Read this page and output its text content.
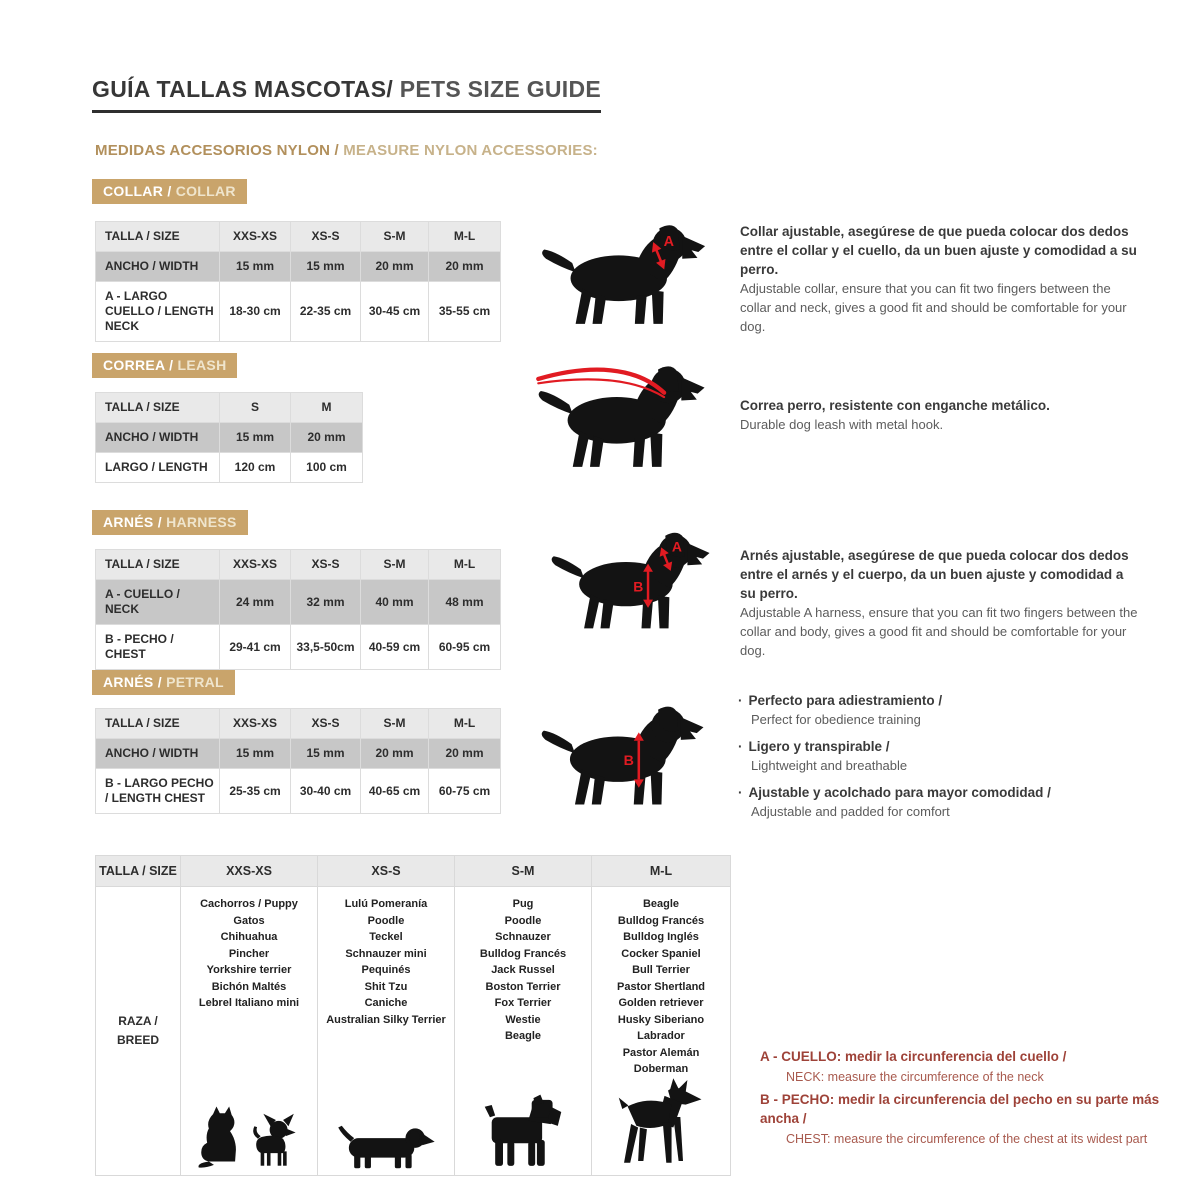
GUÍA TALLAS MASCOTAS/ PETS SIZE GUIDE
MEDIDAS ACCESORIOS NYLON / MEASURE NYLON ACCESSORIES:
COLLAR / COLLAR
TALLA / SIZE	XXS-XS	XS-S	S-M	M-L
ANCHO / WIDTH	15 mm	15 mm	20 mm	20 mm
A - LARGO CUELLO / LENGTH NECK	18-30 cm	22-35 cm	30-45 cm	35-55 cm
A
Collar ajustable, asegúrese de que pueda colocar dos dedos entre el collar y el cuello, da un buen ajuste y comodidad a su perro.
Adjustable collar, ensure that you can fit two fingers between the collar and neck, gives a good fit and should be comfortable for your dog.
CORREA / LEASH
TALLA / SIZE	S	M
ANCHO / WIDTH	15 mm	20 mm
LARGO / LENGTH	120 cm	100 cm
Correa perro, resistente con enganche metálico.
Durable dog leash with metal hook.
ARNÉS / HARNESS
TALLA / SIZE	XXS-XS	XS-S	S-M	M-L
A - CUELLO / NECK	24 mm	32 mm	40 mm	48 mm
B - PECHO / CHEST	29-41 cm	33,5-50cm	40-59 cm	60-95 cm
A
B
Arnés ajustable, asegúrese de que pueda colocar dos dedos entre el arnés y el cuerpo, da un buen ajuste y comodidad a su perro.
Adjustable A harness, ensure that you can fit two fingers between the collar and body, gives a good fit and should be comfortable for your dog.
ARNÉS / PETRAL
TALLA / SIZE	XXS-XS	XS-S	S-M	M-L
ANCHO / WIDTH	15 mm	15 mm	20 mm	20 mm
B - LARGO PECHO / LENGTH CHEST	25-35 cm	30-40 cm	40-65 cm	60-75 cm
B
· Perfecto para adiestramiento /
Perfect for obedience training
· Ligero y transpirable /
Lightweight and breathable
· Ajustable y acolchado para mayor comodidad /
Adjustable and padded for comfort
TALLA / SIZE	XXS-XS	XS-S	S-M	M-L

RAZA /
BREED

Cachorros / Puppy
Gatos
Chihuahua
Pincher
Yorkshire terrier
Bichón Maltés
Lebrel Italiano mini

Lulú Pomeranía
Poodle
Teckel
Schnauzer mini
Pequinés
Shit Tzu
Caniche
Australian Silky Terrier

Pug
Poodle
Schnauzer
Bulldog Francés
Jack Russel
Boston Terrier
Fox Terrier
Westie
Beagle

Beagle
Bulldog Francés
Bulldog Inglés
Cocker Spaniel
Bull Terrier
Pastor Shertland
Golden retriever
Husky Siberiano
Labrador
Pastor Alemán
Doberman
A - CUELLO: medir la circunferencia del cuello /
NECK: measure the circumference of the neck
B - PECHO: medir la circunferencia del pecho en su parte más ancha /
CHEST: measure the circumference of the chest at its widest part
